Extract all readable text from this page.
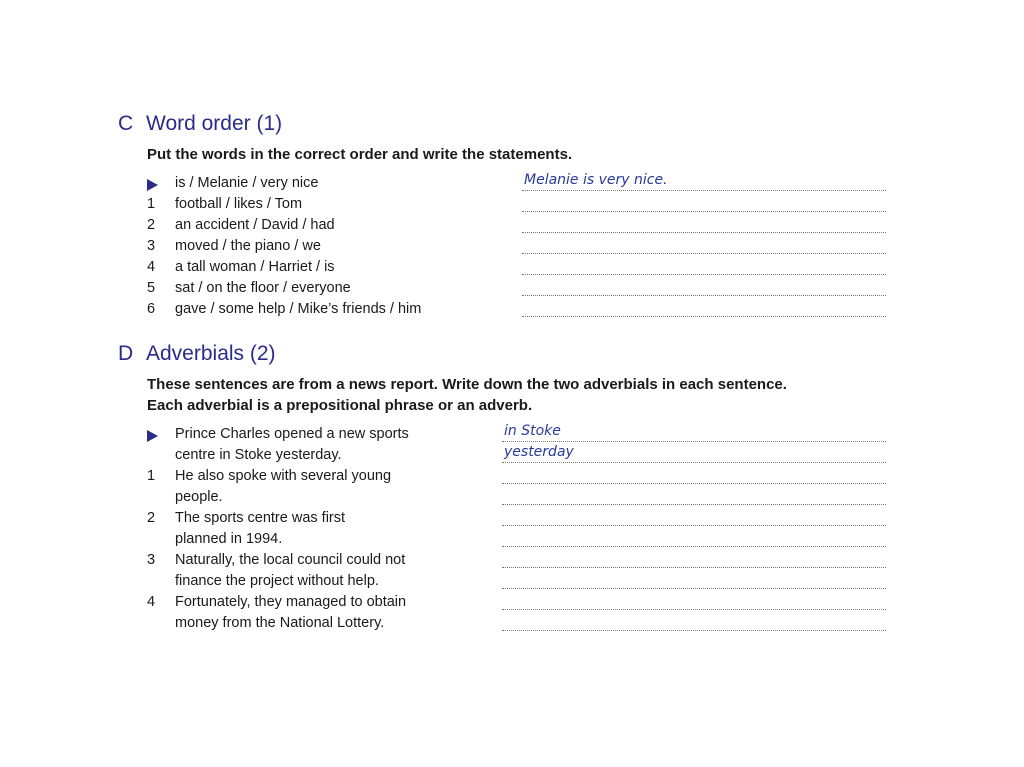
C Word order (1)
Put the words in the correct order and write the statements.
is / Melanie / very nice	Melanie is very nice.
1	football / likes / Tom
2	an accident / David / had
3	moved / the piano / we
4	a tall woman / Harriet / is
5	sat / on the floor / everyone
6	gave / some help / Mike’s friends / him
D Adverbials (2)
These sentences are from a news report. Write down the two adverbials in each sentence.
Each adverbial is a prepositional phrase or an adverb.
Prince Charles opened a new sports	in Stoke
centre in Stoke yesterday.	yesterday
1	He also spoke with several young
people.
2	The sports centre was first
planned in 1994.
3	Naturally, the local council could not
finance the project without help.
4	Fortunately, they managed to obtain
money from the National Lottery.
